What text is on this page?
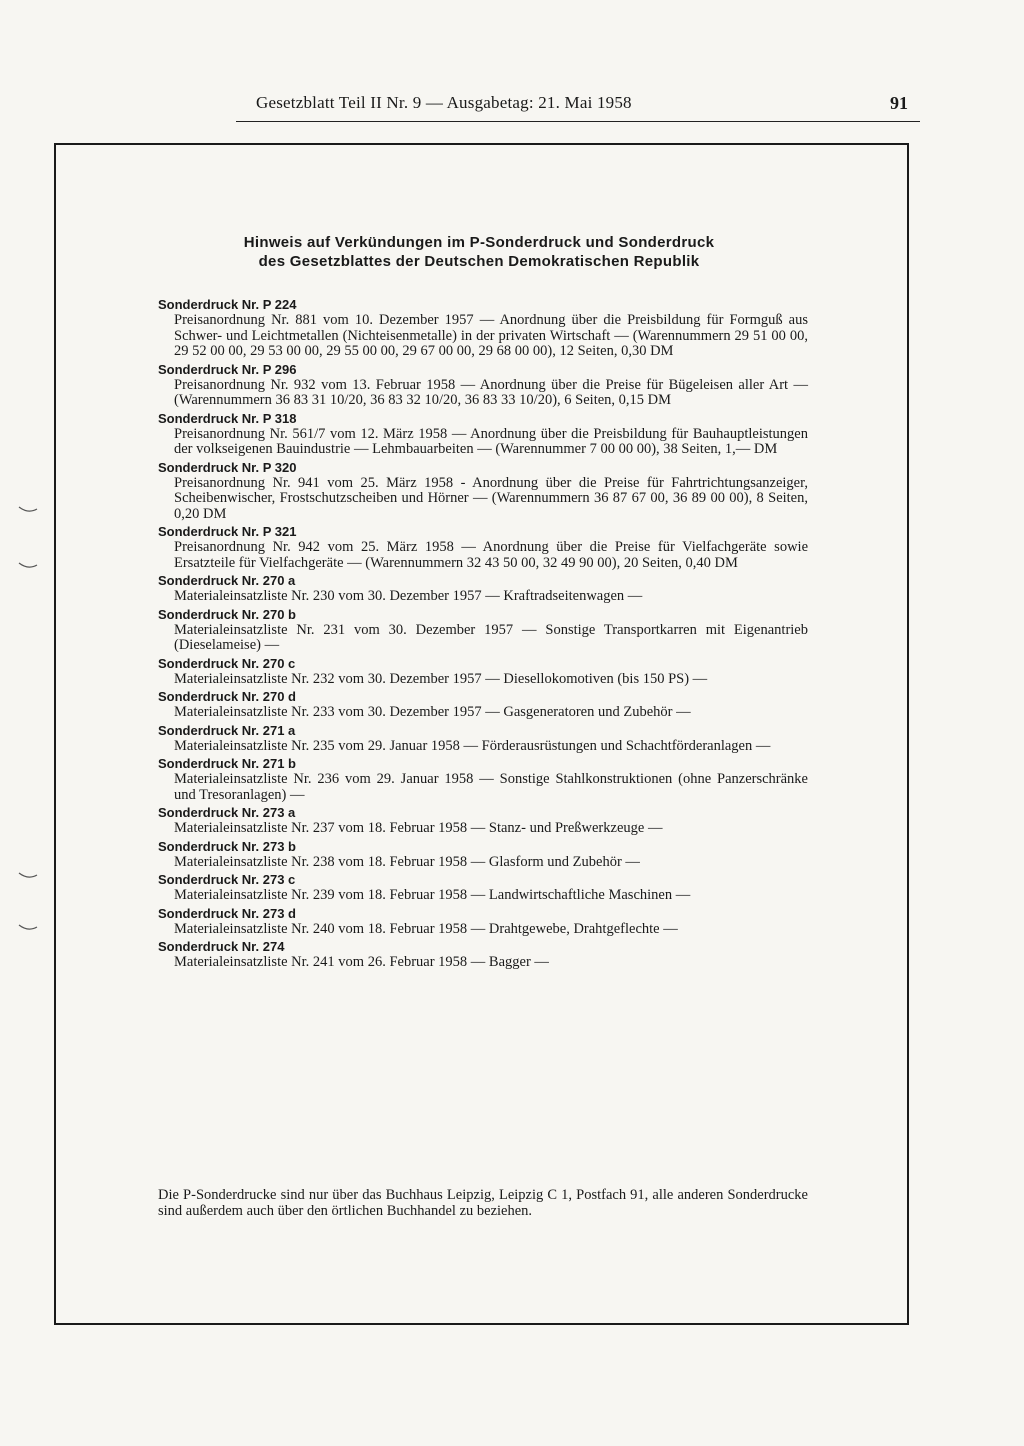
Gesetzblatt Teil II Nr. 9 — Ausgabetag: 21. Mai 1958	91
Hinweis auf Verkündungen im P-Sonderdruck und Sonderdruck
des Gesetzblattes der Deutschen Demokratischen Republik
Sonderdruck Nr. P 224
Preisanordnung Nr. 881 vom 10. Dezember 1957 — Anordnung über die Preisbildung für Formguß aus Schwer- und Leichtmetallen (Nichteisenmetalle) in der privaten Wirtschaft — (Warennummern 29 51 00 00, 29 52 00 00, 29 53 00 00, 29 55 00 00, 29 67 00 00, 29 68 00 00), 12 Seiten, 0,30 DM
Sonderdruck Nr. P 296
Preisanordnung Nr. 932 vom 13. Februar 1958 — Anordnung über die Preise für Bügeleisen aller Art — (Warennummern 36 83 31 10/20, 36 83 32 10/20, 36 83 33 10/20), 6 Seiten, 0,15 DM
Sonderdruck Nr. P 318
Preisanordnung Nr. 561/7 vom 12. März 1958 — Anordnung über die Preisbildung für Bauhauptleistungen der volkseigenen Bauindustrie — Lehmbauarbeiten — (Warennummer 7 00 00 00), 38 Seiten, 1,— DM
Sonderdruck Nr. P 320
Preisanordnung Nr. 941 vom 25. März 1958 - Anordnung über die Preise für Fahrtrichtungsanzeiger, Scheibenwischer, Frostschutzscheiben und Hörner — (Warennummern 36 87 67 00, 36 89 00 00), 8 Seiten, 0,20 DM
Sonderdruck Nr. P 321
Preisanordnung Nr. 942 vom 25. März 1958 — Anordnung über die Preise für Vielfachgeräte sowie Ersatzteile für Vielfachgeräte — (Warennummern 32 43 50 00, 32 49 90 00), 20 Seiten, 0,40 DM
Sonderdruck Nr. 270 a
Materialeinsatzliste Nr. 230 vom 30. Dezember 1957 — Kraftradseitenwagen —
Sonderdruck Nr. 270 b
Materialeinsatzliste Nr. 231 vom 30. Dezember 1957 — Sonstige Transportkarren mit Eigenantrieb (Dieselameise) —
Sonderdruck Nr. 270 c
Materialeinsatzliste Nr. 232 vom 30. Dezember 1957 — Diesellokomotiven (bis 150 PS) —
Sonderdruck Nr. 270 d
Materialeinsatzliste Nr. 233 vom 30. Dezember 1957 — Gasgeneratoren und Zubehör —
Sonderdruck Nr. 271 a
Materialeinsatzliste Nr. 235 vom 29. Januar 1958 — Förderausrüstungen und Schachtförderanlagen —
Sonderdruck Nr. 271 b
Materialeinsatzliste Nr. 236 vom 29. Januar 1958 — Sonstige Stahlkonstruktionen (ohne Panzerschränke und Tresoranlagen) —
Sonderdruck Nr. 273 a
Materialeinsatzliste Nr. 237 vom 18. Februar 1958 — Stanz- und Preßwerkzeuge —
Sonderdruck Nr. 273 b
Materialeinsatzliste Nr. 238 vom 18. Februar 1958 — Glasform und Zubehör —
Sonderdruck Nr. 273 c
Materialeinsatzliste Nr. 239 vom 18. Februar 1958 — Landwirtschaftliche Maschinen —
Sonderdruck Nr. 273 d
Materialeinsatzliste Nr. 240 vom 18. Februar 1958 — Drahtgewebe, Drahtgeflechte —
Sonderdruck Nr. 274
Materialeinsatzliste Nr. 241 vom 26. Februar 1958 — Bagger —
Die P-Sonderdrucke sind nur über das Buchhaus Leipzig, Leipzig C 1, Postfach 91, alle anderen Sonderdrucke sind außerdem auch über den örtlichen Buchhandel zu beziehen.
